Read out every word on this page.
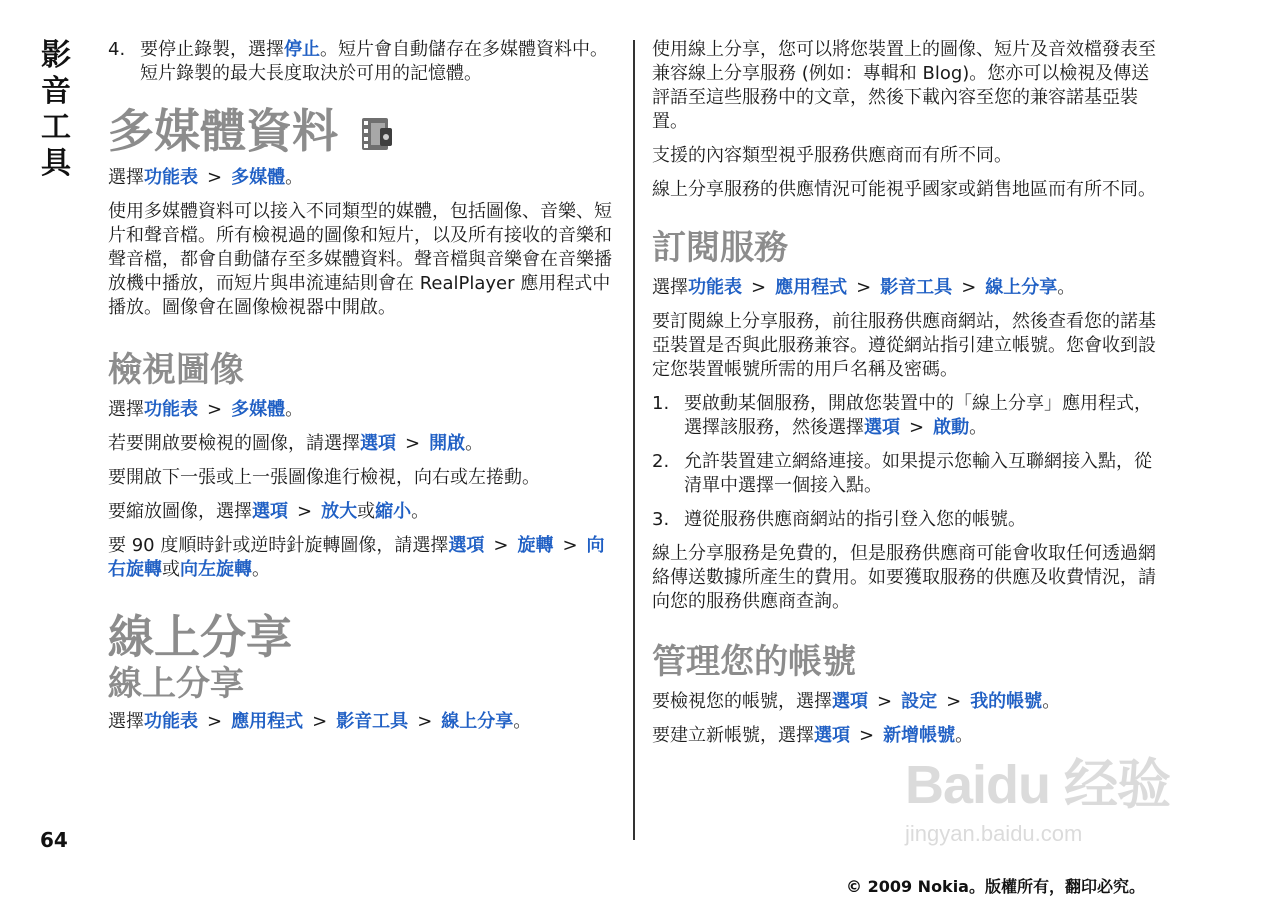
影
音
工
具
64
4. 要停止錄製，選擇停止。短片會自動儲存在多媒體資料中。短片錄製的最大長度取決於可用的記憶體。
多媒體資料

選擇功能表 > 多媒體。

使用多媒體資料可以接入不同類型的媒體，包括圖像、音樂、短片和聲音檔。所有檢視過的圖像和短片，以及所有接收的音樂和聲音檔，都會自動儲存至多媒體資料。聲音檔與音樂會在音樂播放機中播放，而短片與串流連結則會在 RealPlayer 應用程式中播放。圖像會在圖像檢視器中開啟。

檢視圖像

選擇功能表 > 多媒體。

若要開啟要檢視的圖像，請選擇選項 > 開啟。

要開啟下一張或上一張圖像進行檢視，向右或左捲動。

要縮放圖像，選擇選項 > 放大或縮小。

要 90 度順時針或逆時針旋轉圖像，請選擇選項 > 旋轉 > 向右旋轉或向左旋轉。

線上分享
線上分享

選擇功能表 > 應用程式 > 影音工具 > 線上分享。

使用線上分享，您可以將您裝置上的圖像、短片及音效檔發表至兼容線上分享服務 (例如：專輯和 Blog)。您亦可以檢視及傳送評語至這些服務中的文章，然後下載內容至您的兼容諾基亞裝置。

支援的內容類型視乎服務供應商而有所不同。

線上分享服務的供應情況可能視乎國家或銷售地區而有所不同。

訂閱服務

選擇功能表 > 應用程式 > 影音工具 > 線上分享。

要訂閱線上分享服務，前往服務供應商網站，然後查看您的諾基亞裝置是否與此服務兼容。遵從網站指引建立帳號。您會收到設定您裝置帳號所需的用戶名稱及密碼。

1. 要啟動某個服務，開啟您裝置中的「線上分享」應用程式，選擇該服務，然後選擇選項 > 啟動。
2. 允許裝置建立網絡連接。如果提示您輸入互聯網接入點，從清單中選擇一個接入點。
3. 遵從服務供應商網站的指引登入您的帳號。

線上分享服務是免費的，但是服務供應商可能會收取任何透過網絡傳送數據所產生的費用。如要獲取服務的供應及收費情況，請向您的服務供應商查詢。

管理您的帳號

要檢視您的帳號，選擇選項 > 設定 > 我的帳號。

要建立新帳號，選擇選項 > 新增帳號。

Baidu 经验
jingyan.baidu.com
© 2009 Nokia。版權所有，翻印必究。
